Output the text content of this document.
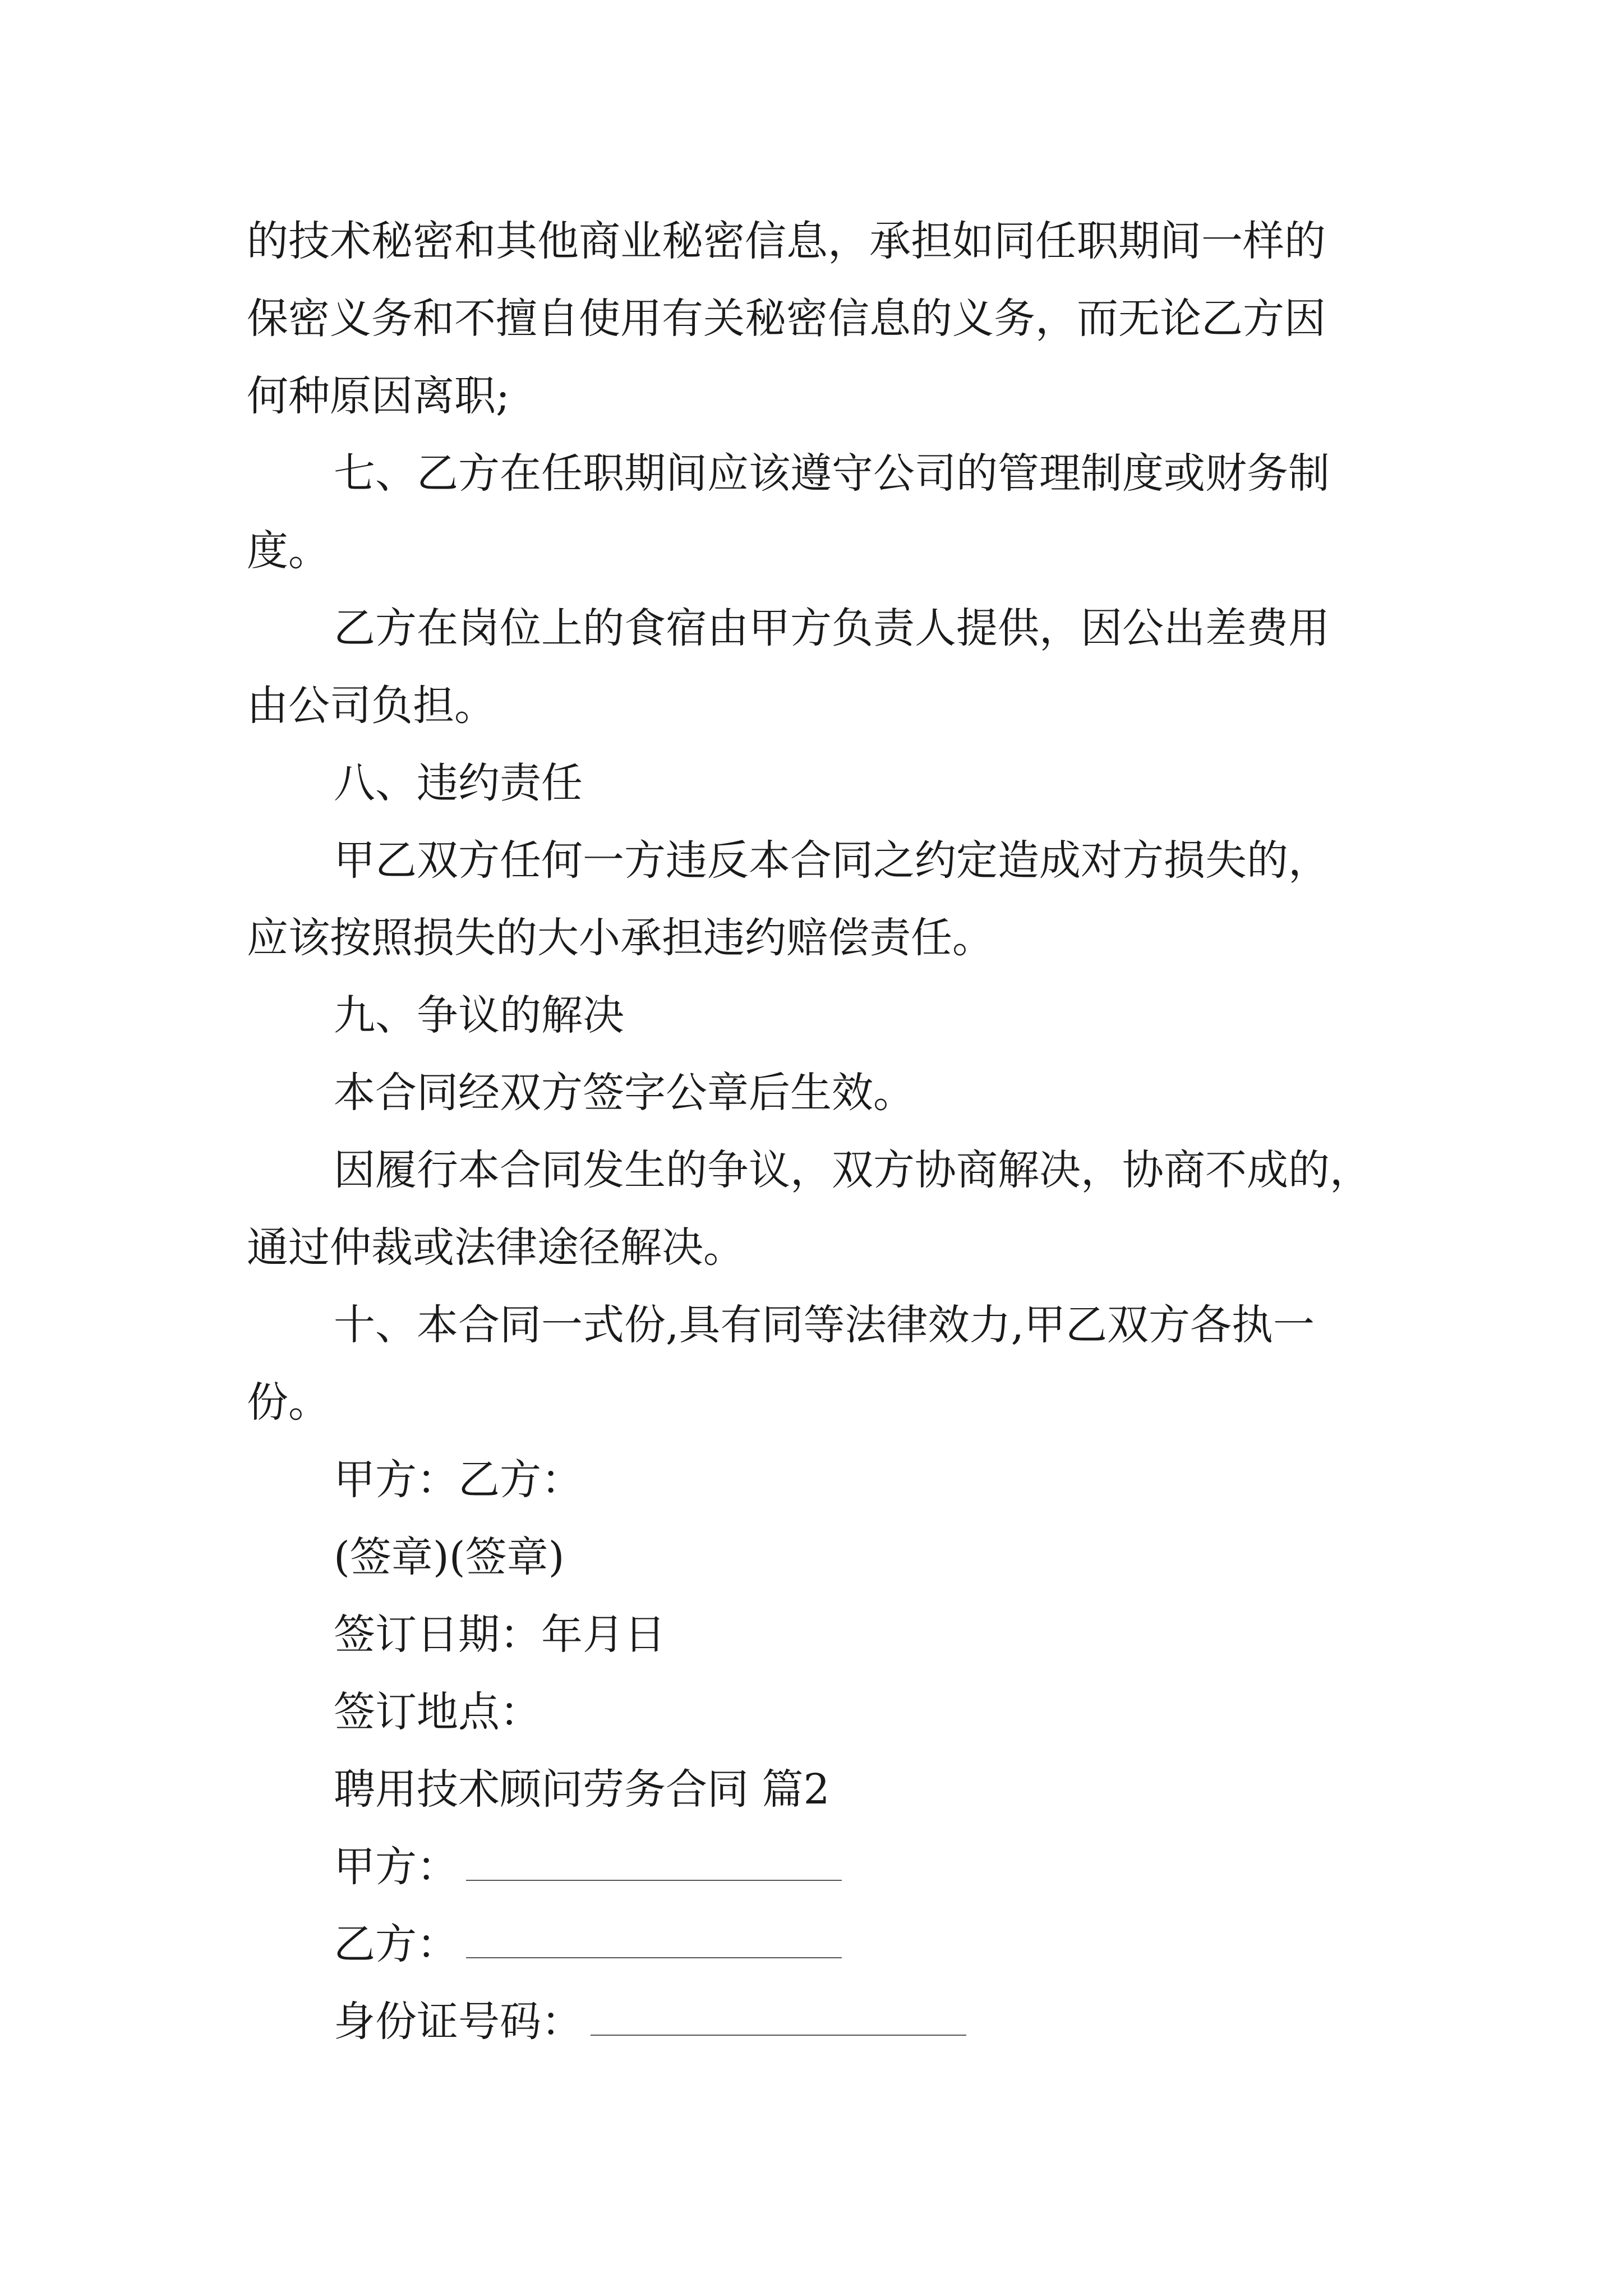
的技术秘密和其他商业秘密信息，承担如同任职期间一样的
保密义务和不擅自使用有关秘密信息的义务，而无论乙方因
何种原因离职;
七、乙方在任职期间应该遵守公司的管理制度或财务制
度。
乙方在岗位上的食宿由甲方负责人提供，因公出差费用
由公司负担。
八、违约责任
甲乙双方任何一方违反本合同之约定造成对方损失的，
应该按照损失的大小承担违约赔偿责任。
九、争议的解决
本合同经双方签字公章后生效。
因履行本合同发生的争议，双方协商解决，协商不成的，
通过仲裁或法律途径解决。
十、本合同一式份,具有同等法律效力,甲乙双方各执一
份。
甲方：乙方：
(签章)(签章)
签订日期：年月日
签订地点：
聘用技术顾问劳务合同 篇2
甲方：
乙方：
身份证号码：
